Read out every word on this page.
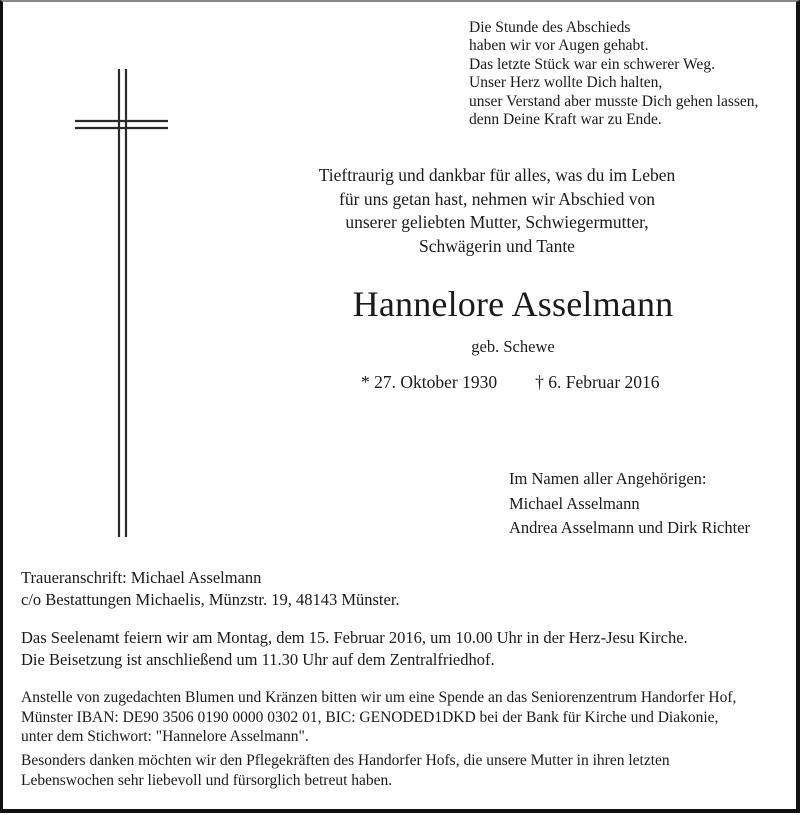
Die Stunde des Abschieds
haben wir vor Augen gehabt.
Das letzte Stück war ein schwerer Weg.
Unser Herz wollte Dich halten,
unser Verstand aber musste Dich gehen lassen,
denn Deine Kraft war zu Ende.
Tieftraurig und dankbar für alles, was du im Leben
für uns getan hast, nehmen wir Abschied von
unserer geliebten Mutter, Schwiegermutter,
Schwägerin und Tante
Hannelore Asselmann
geb. Schewe
* 27. Oktober 1930 † 6. Februar 2016
Im Namen aller Angehörigen:
Michael Asselmann
Andrea Asselmann und Dirk Richter
Traueranschrift: Michael Asselmann
c/o Bestattungen Michaelis, Münzstr. 19, 48143 Münster.
Das Seelenamt feiern wir am Montag, dem 15. Februar 2016, um 10.00 Uhr in der Herz-Jesu Kirche.
Die Beisetzung ist anschließend um 11.30 Uhr auf dem Zentralfriedhof.
Anstelle von zugedachten Blumen und Kränzen bitten wir um eine Spende an das Seniorenzentrum Handorfer Hof,
Münster IBAN: DE90 3506 0190 0000 0302 01, BIC: GENODED1DKD bei der Bank für Kirche und Diakonie,
unter dem Stichwort: "Hannelore Asselmann".
Besonders danken möchten wir den Pflegekräften des Handorfer Hofs, die unsere Mutter in ihren letzten
Lebenswochen sehr liebevoll und fürsorglich betreut haben.
